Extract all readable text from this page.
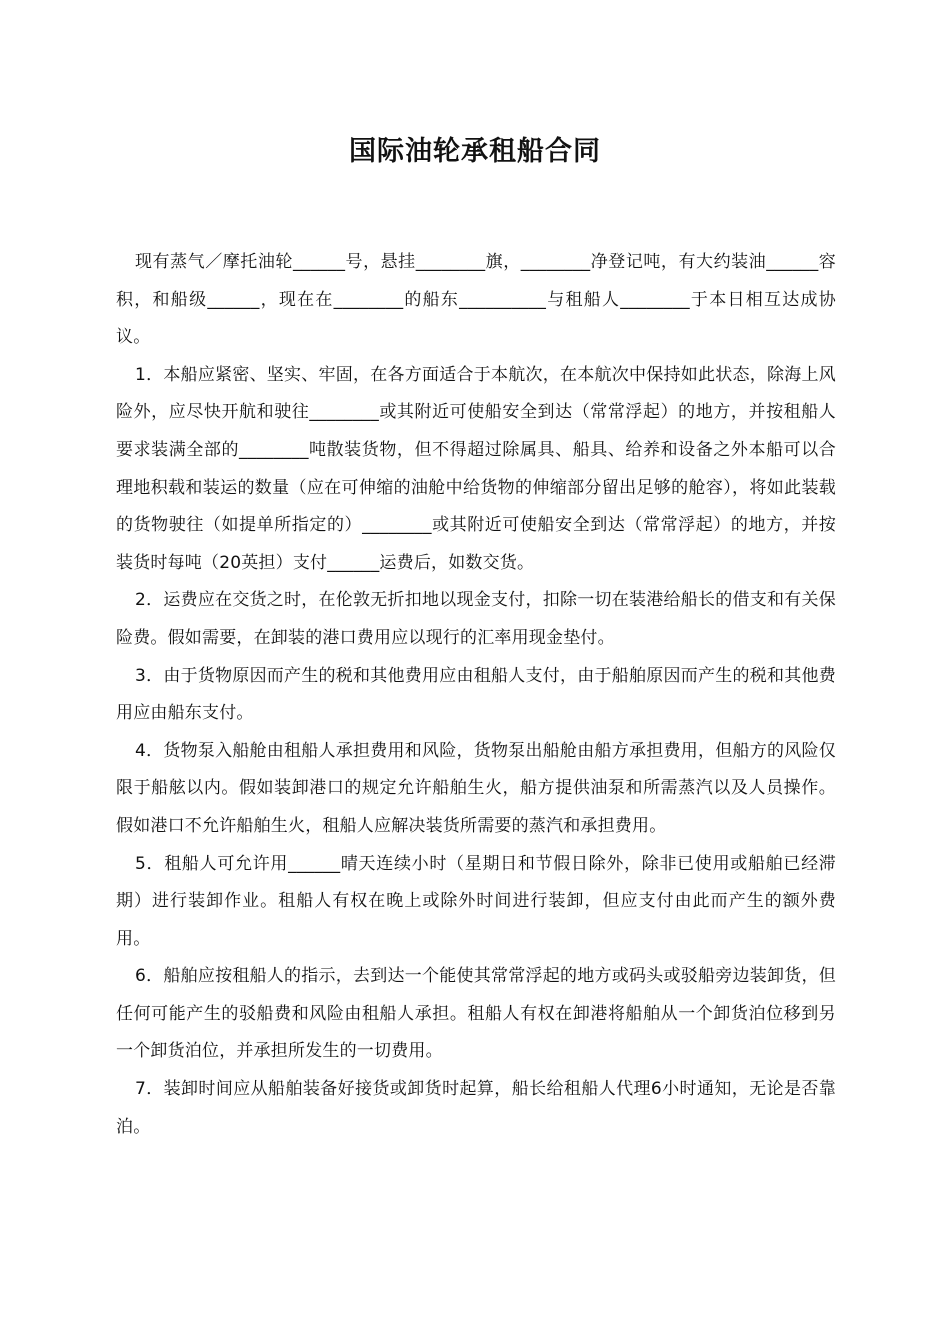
国际油轮承租船合同

现有蒸气／摩托油轮______号，悬挂________旗，________净登记吨，有大约装油______容积，和船级______，现在在________的船东__________与租船人________于本日相互达成协议。

1．本船应紧密、坚实、牢固，在各方面适合于本航次，在本航次中保持如此状态，除海上风险外，应尽快开航和驶往________或其附近可使船安全到达（常常浮起）的地方，并按租船人要求装满全部的________吨散装货物，但不得超过除属具、船具、给养和设备之外本船可以合理地积载和装运的数量（应在可伸缩的油舱中给货物的伸缩部分留出足够的舱容），将如此装载的货物驶往（如提单所指定的）________或其附近可使船安全到达（常常浮起）的地方，并按装货时每吨（20英担）支付______运费后，如数交货。

2．运费应在交货之时，在伦敦无折扣地以现金支付，扣除一切在装港给船长的借支和有关保险费。假如需要，在卸装的港口费用应以现行的汇率用现金垫付。

3．由于货物原因而产生的税和其他费用应由租船人支付，由于船舶原因而产生的税和其他费用应由船东支付。

4．货物泵入船舱由租船人承担费用和风险，货物泵出船舱由船方承担费用，但船方的风险仅限于船舷以内。假如装卸港口的规定允许船舶生火，船方提供油泵和所需蒸汽以及人员操作。假如港口不允许船舶生火，租船人应解决装货所需要的蒸汽和承担费用。

5．租船人可允许用______晴天连续小时（星期日和节假日除外，除非已使用或船舶已经滞期）进行装卸作业。租船人有权在晚上或除外时间进行装卸，但应支付由此而产生的额外费用。

6．船舶应按租船人的指示，去到达一个能使其常常浮起的地方或码头或驳船旁边装卸货，但任何可能产生的驳船费和风险由租船人承担。租船人有权在卸港将船舶从一个卸货泊位移到另一个卸货泊位，并承担所发生的一切费用。

7．装卸时间应从船舶装备好接货或卸货时起算，船长给租船人代理6小时通知，无论是否靠泊。
